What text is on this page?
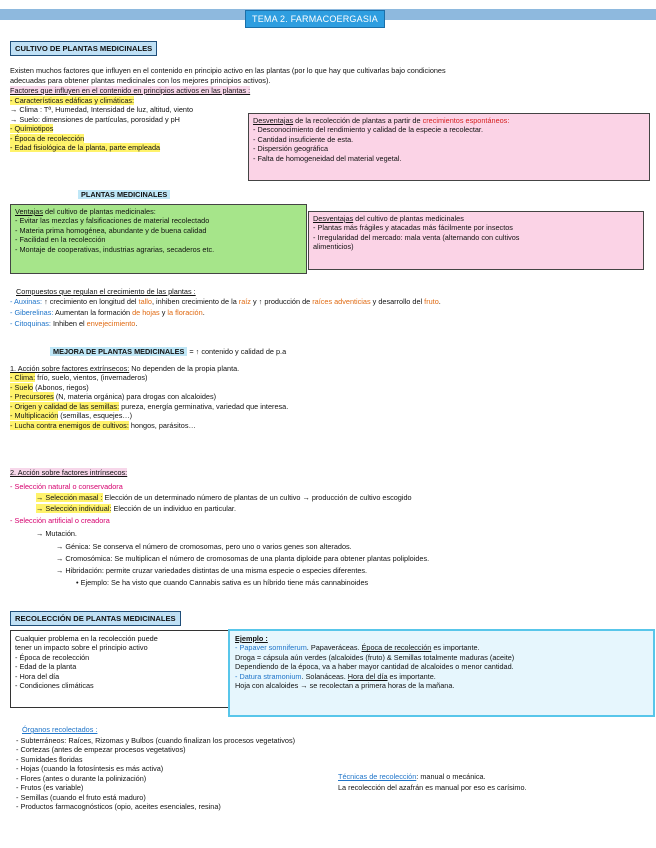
TEMA 2. FARMACOERGASIA
CULTIVO DE PLANTAS MEDICINALES
Existen muchos factores que influyen en el contenido en principio activo en las plantas (por lo que hay que cultivarlas bajo condiciones
adecuadas para obtener plantas medicinales con los mejores principios activos).
Factores que influyen en el contenido en principios activos en las plantas :
- Características edáficas y climáticas:
→ Clima : Tª, Humedad, Intensidad de luz, altitud, viento
→ Suelo: dimensiones de partículas, porosidad y pH
- Químiotipos
- Época de recolección
- Edad fisiológica de la planta, parte empleada
Desventajas de la recolección de plantas a partir de crecimientos espontáneos:
- Desconocimiento del rendimiento y calidad de la especie a recolectar.
- Cantidad insuficiente de esta.
- Dispersión geográfica
- Falta de homogeneidad del material vegetal.
PLANTAS MEDICINALES
Ventajas del cultivo de plantas medicinales:
- Evitar las mezclas y falsificaciones de material recolectado
- Materia prima homogénea, abundante y de buena calidad
- Facilidad en la recolección
- Montaje de cooperativas, industrias agrarias, secaderos etc.
Desventajas del cultivo de plantas medicinales
- Plantas más frágiles y atacadas más fácilmente por insectos
- Irregularidad del mercado: mala venta (alternando con cultivos
alimenticios)
Compuestos que regulan el crecimiento de las plantas :
- Auxinas: ↑ crecimiento en longitud del tallo, inhiben crecimiento de la raíz y ↑ producción de raíces adventicias y desarrollo del fruto.
- Giberelinas: Aumentan la formación de hojas y la floración.
- Citoquinas: Inhiben el envejecimiento.
MEJORA DE PLANTAS MEDICINALES = ↑ contenido y calidad de p.a
1. Acción sobre factores extrínsecos: No dependen de la propia planta.
- Clima: frío, suelo, vientos, (invernaderos)
- Suelo (Abonos, riegos)
- Precursores (N, materia orgánica) para drogas con alcaloides)
- Origen y calidad de las semillas: pureza, energía germinativa, variedad que interesa.
- Multiplicación (semillas, esquejes…)
- Lucha contra enemigos de cultivos: hongos, parásitos…
2. Acción sobre factores intrínsecos:
- Selección natural o conservadora
→ Selección masal : Elección de un determinado número de plantas de un cultivo → producción de cultivo escogido
→ Selección individual: Elección de un individuo en particular.
- Selección artificial o creadora
→ Mutación.
→ Génica: Se conserva el número de cromosomas, pero uno o varios genes son alterados.
→ Cromosómica: Se multiplican el número de cromosomas de una planta diploide para obtener plantas poliploides.
→ Hibridación: permite cruzar variedades distintas de una misma especie o especies diferentes.
• Ejemplo: Se ha visto que cuando Cannabis sativa es un híbrido tiene más cannabinoides
RECOLECCIÓN DE PLANTAS MEDICINALES
Cualquier problema en la recolección puede
tener un impacto sobre el principio activo
- Época de recolección
- Edad de la planta
- Hora del día
- Condiciones climáticas
Ejemplo :
- Papaver somniferum. Papaveráceas. Época de recolección es importante.
Droga = cápsula aún verdes (alcaloides (fruto) & Semillas totalmente maduras (aceite)
Dependiendo de la época, va a haber mayor cantidad de alcaloides o menor cantidad.
- Datura stramonium. Solanáceas. Hora del día es importante.
Hoja con alcaloides → se recolectan a primera horas de la mañana.
Órganos recolectados :
- Subterráneos: Raíces, Rizomas y Bulbos (cuando finalizan los procesos vegetativos)
- Cortezas (antes de empezar procesos vegetativos)
- Sumidades floridas
- Hojas (cuando la fotosíntesis es más activa)
- Flores (antes o durante la polinización)
- Frutos (es variable)
- Semillas (cuando el fruto está maduro)
- Productos farmacognósticos (opio, aceites esenciales, resina)
Técnicas de recolección: manual o mecánica.
La recolección del azafrán es manual por eso es carísimo.
